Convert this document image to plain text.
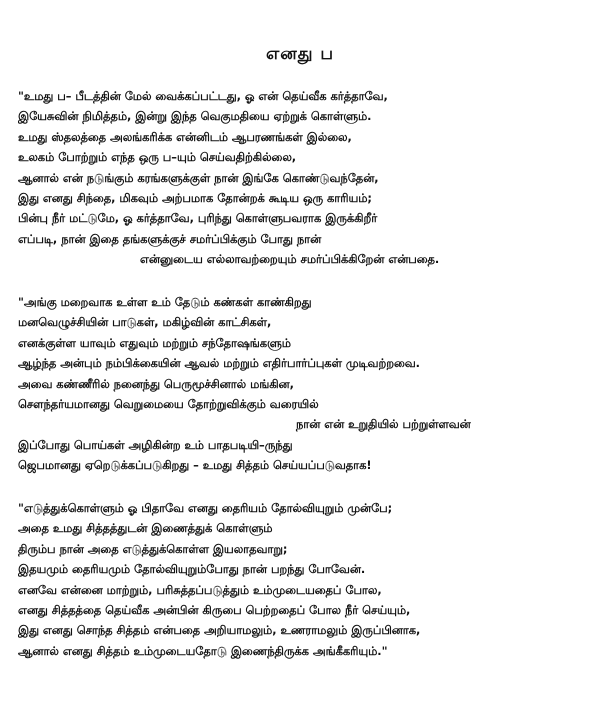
எனது ப
"உமது ப– பீடத்தின் மேல் வைக்கப்பட்டது, ஓ என் தெய்வீக கர்த்தாவே,
இயேசுவின் நிமித்தம், இன்று இந்த வெகுமதியை ஏற்றுக் கொள்ளும்.
உமது ஸ்தலத்தை அலங்கரிக்க என்னிடம் ஆபரணங்கள் இல்லை,
உலகம் போற்றும் எந்த ஒரு ப–யும் செய்வதிற்கில்லை,
ஆனால் என் நடுங்கும் கரங்களுக்குள் நான் இங்கே கொண்டுவந்தேன்,
இது எனது சிந்தை, மிகவும் அற்பமாக தோன்றக் கூடிய ஒரு காரியம்;
பின்பு நீர் மட்டுமே, ஓ கர்த்தாவே, புரிந்து கொள்ளுபவராக இருக்கிறீர்
எப்படி, நான் இதை தங்களுக்குச் சமர்ப்பிக்கும் போது நான்
என்னுடைய எல்லாவற்றையும் சமர்ப்பிக்கிறேன் என்பதை.
"அங்கு மறைவாக உள்ள உம் தேடும் கண்கள் காண்கிறது
மனவெழுச்சியின் பாடுகள், மகிழ்வின் காட்சிகள்,
எனக்குள்ள யாவும் எதுவும் மற்றும் சந்தோஷங்களும்
ஆழ்ந்த அன்பும் நம்பிக்கையின் ஆவல் மற்றும் எதிர்பார்ப்புகள் முடிவற்றவை.
அவை கண்ணீரில் நனைந்து பெருமூச்சினால் மங்கின,
சௌந்தர்யமானது வெறுமையை தோற்றுவிக்கும் வரையில்
நான் என் உறுதியில் பற்றுள்ளவன்
இப்போது பொய்கள் அழிகின்ற உம் பாதபடியி–ருந்து
ஜெபமானது ஏறெடுக்கப்படுகிறது – உமது சித்தம் செய்யப்படுவதாக!
"எடுத்துக்கொள்ளும் ஓ பிதாவே எனது தைரியம் தோல்வியுறும் முன்பே;
அதை உமது சித்தத்துடன் இணைத்துக் கொள்ளும்
திரும்ப நான் அதை எடுத்துக்கொள்ள இயலாதவாறு;
இதயமும் தைரியமும் தோல்வியுறும்போது நான் பறந்து போவேன்.
எனவே என்னை மாற்றும், பரிசுத்தப்படுத்தும் உம்முடையதைப் போல,
எனது சித்தத்தை தெய்வீக அன்பின் கிருபை பெற்றதைப் போல நீர் செய்யும்,
இது எனது சொந்த சித்தம் என்பதை அறியாமலும், உணராமலும் இருப்பினாக,
ஆனால் எனது சித்தம் உம்முடையதோடு இணைந்திருக்க அங்கீகரியும்."
